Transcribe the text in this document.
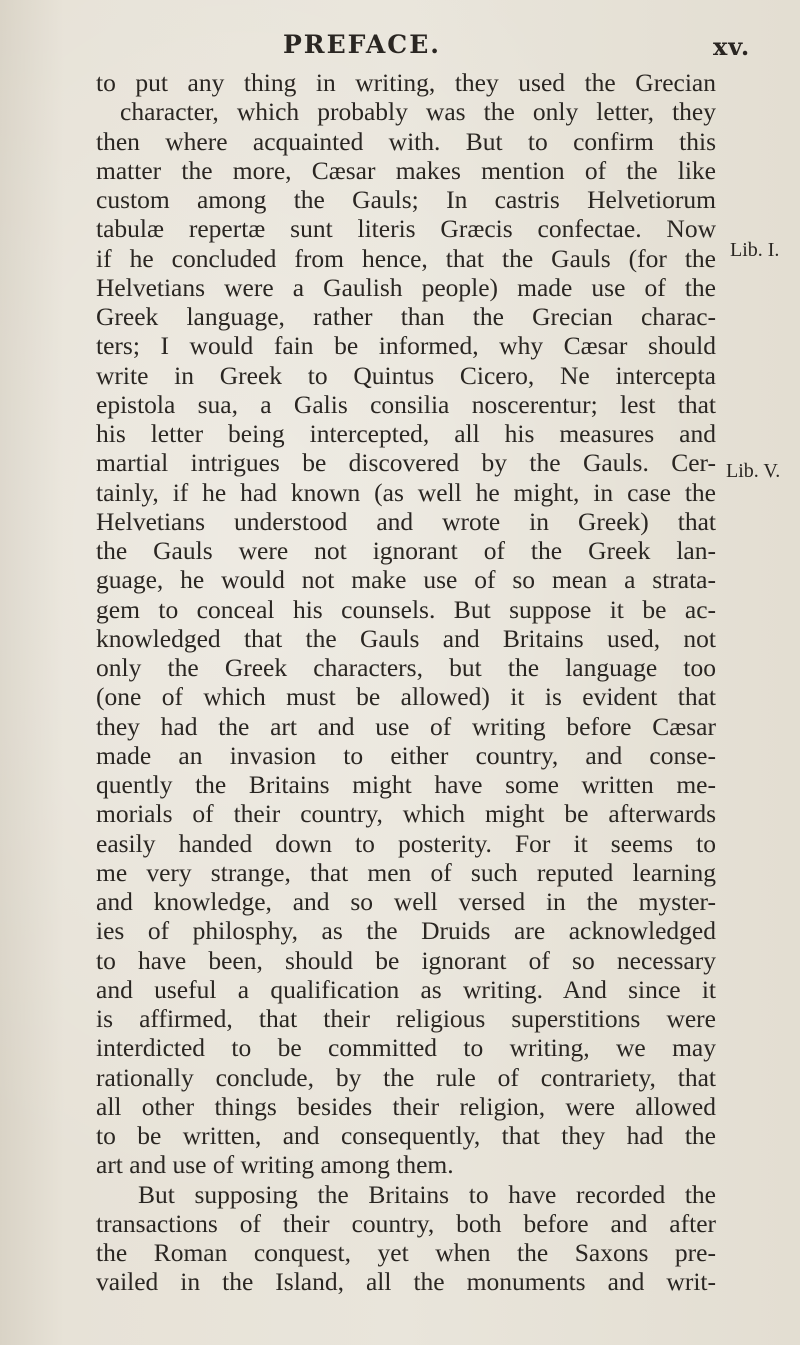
PREFACE.	xv.
Lib. I.
Lib. V.
to put any thing in writing, they used the Grecian
character, which probably was the only letter, they
then where acquainted with. But to confirm this
matter the more, Cæsar makes mention of the like
custom among the Gauls; In castris Helvetiorum
tabulæ repertæ sunt literis Græcis confectae. Now
if he concluded from hence, that the Gauls (for the
Helvetians were a Gaulish people) made use of the
Greek language, rather than the Grecian charac-
ters; I would fain be informed, why Cæsar should
write in Greek to Quintus Cicero, Ne intercepta
epistola sua, a Galis consilia noscerentur; lest that
his letter being intercepted, all his measures and
martial intrigues be discovered by the Gauls. Cer-
tainly, if he had known (as well he might, in case the
Helvetians understood and wrote in Greek) that
the Gauls were not ignorant of the Greek lan-
guage, he would not make use of so mean a strata-
gem to conceal his counsels. But suppose it be ac-
knowledged that the Gauls and Britains used, not
only the Greek characters, but the language too
(one of which must be allowed) it is evident that
they had the art and use of writing before Cæsar
made an invasion to either country, and conse-
quently the Britains might have some written me-
morials of their country, which might be afterwards
easily handed down to posterity. For it seems to
me very strange, that men of such reputed learning
and knowledge, and so well versed in the myster-
ies of philosphy, as the Druids are acknowledged
to have been, should be ignorant of so necessary
and useful a qualification as writing. And since it
is affirmed, that their religious superstitions were
interdicted to be committed to writing, we may
rationally conclude, by the rule of contrariety, that
all other things besides their religion, were allowed
to be written, and consequently, that they had the
art and use of writing among them.
But supposing the Britains to have recorded the
transactions of their country, both before and after
the Roman conquest, yet when the Saxons pre-
vailed in the Island, all the monuments and writ-
